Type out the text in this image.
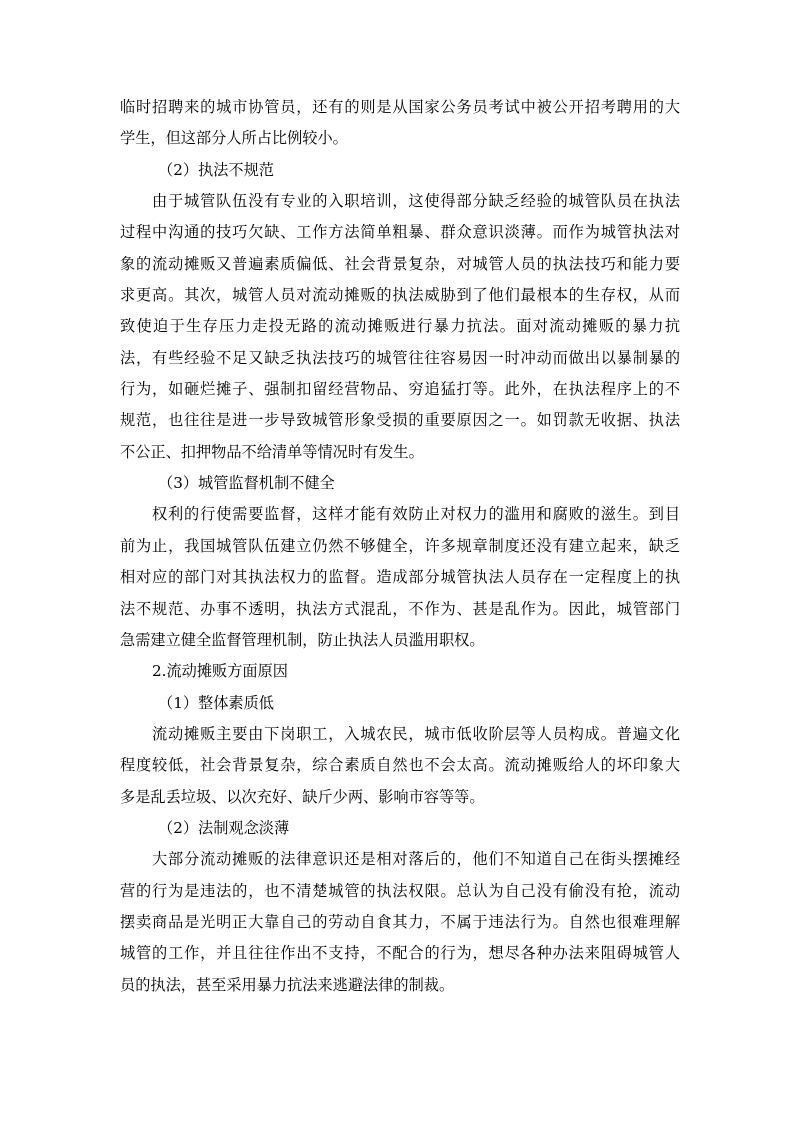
临时招聘来的城市协管员，还有的则是从国家公务员考试中被公开招考聘用的大
学生，但这部分人所占比例较小。
（2）执法不规范
由于城管队伍没有专业的入职培训，这使得部分缺乏经验的城管队员在执法
过程中沟通的技巧欠缺、工作方法简单粗暴、群众意识淡薄。而作为城管执法对
象的流动摊贩又普遍素质偏低、社会背景复杂，对城管人员的执法技巧和能力要
求更高。其次，城管人员对流动摊贩的执法威胁到了他们最根本的生存权，从而
致使迫于生存压力走投无路的流动摊贩进行暴力抗法。面对流动摊贩的暴力抗
法，有些经验不足又缺乏执法技巧的城管往往容易因一时冲动而做出以暴制暴的
行为，如砸烂摊子、强制扣留经营物品、穷追猛打等。此外，在执法程序上的不
规范，也往往是进一步导致城管形象受损的重要原因之一。如罚款无收据、执法
不公正、扣押物品不给清单等情况时有发生。
（3）城管监督机制不健全
权利的行使需要监督，这样才能有效防止对权力的滥用和腐败的滋生。到目
前为止，我国城管队伍建立仍然不够健全，许多规章制度还没有建立起来，缺乏
相对应的部门对其执法权力的监督。造成部分城管执法人员存在一定程度上的执
法不规范、办事不透明，执法方式混乱，不作为、甚是乱作为。因此，城管部门
急需建立健全监督管理机制，防止执法人员滥用职权。
2.流动摊贩方面原因
（1）整体素质低
流动摊贩主要由下岗职工，入城农民，城市低收阶层等人员构成。普遍文化
程度较低，社会背景复杂，综合素质自然也不会太高。流动摊贩给人的坏印象大
多是乱丢垃圾、以次充好、缺斤少两、影响市容等等。
（2）法制观念淡薄
大部分流动摊贩的法律意识还是相对落后的，他们不知道自己在街头摆摊经
营的行为是违法的，也不清楚城管的执法权限。总认为自己没有偷没有抢，流动
摆卖商品是光明正大靠自己的劳动自食其力，不属于违法行为。自然也很难理解
城管的工作，并且往往作出不支持，不配合的行为，想尽各种办法来阻碍城管人
员的执法，甚至采用暴力抗法来逃避法律的制裁。
